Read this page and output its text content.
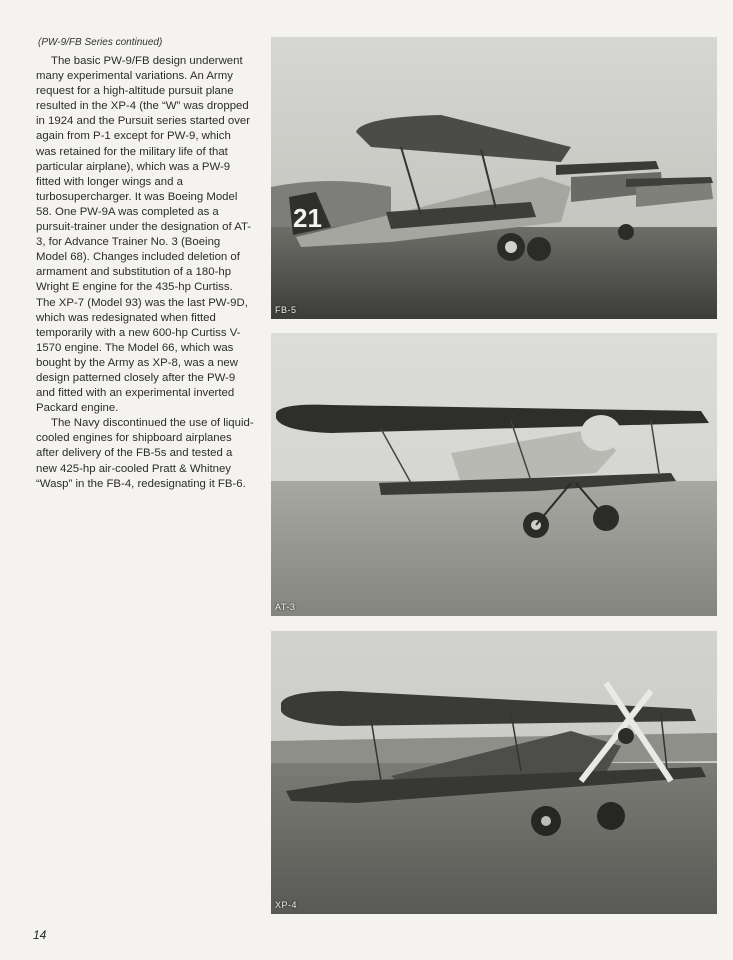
(PW-9/FB Series continued)

The basic PW-9/FB design underwent many experimental variations. An Army request for a high-altitude pursuit plane resulted in the XP-4 (the “W” was dropped in 1924 and the Pursuit series started over again from P-1 except for PW-9, which was retained for the military life of that particular airplane), which was a PW-9 fitted with longer wings and a turbosupercharger. It was Boeing Model 58. One PW-9A was completed as a pursuit-trainer under the designation of AT-3, for Advance Trainer No. 3 (Boeing Model 68). Changes included deletion of armament and substitution of a 180-hp Wright E engine for the 435-hp Curtiss. The XP-7 (Model 93) was the last PW-9D, which was redesignated when fitted temporarily with a new 600-hp Curtiss V-1570 engine. The Model 66, which was bought by the Army as XP-8, was a new design patterned closely after the PW-9 and fitted with an experimental inverted Packard engine.

The Navy discontinued the use of liquid-cooled engines for shipboard airplanes after delivery of the FB-5s and tested a new 425-hp air-cooled Pratt & Whitney “Wasp” in the FB-4, redesignating it FB-6.

21
FB-5
AT-3
XP-4
14
